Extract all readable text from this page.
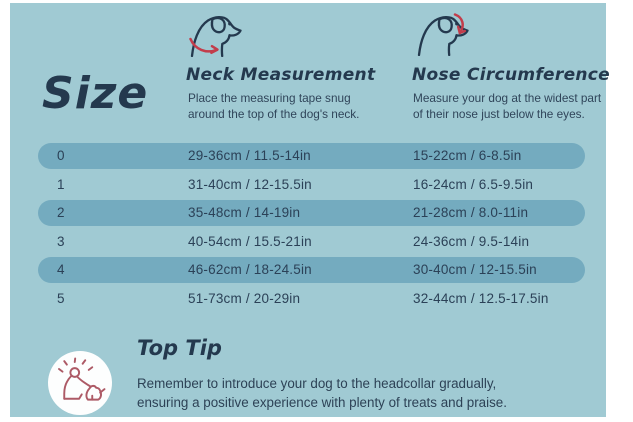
Size Neck Measurement
Place the measuring tape snug
around the top of the dog's neck.
Nose Circumference
Measure your dog at the widest part
of their nose just below the eyes.
0	29-36cm / 11.5-14in	15-22cm / 6-8.5in
1	31-40cm / 12-15.5in	16-24cm / 6.5-9.5in
2	35-48cm / 14-19in	21-28cm / 8.0-11in
3	40-54cm / 15.5-21in	24-36cm / 9.5-14in
4	46-62cm / 18-24.5in	30-40cm / 12-15.5in
5	51-73cm / 20-29in	32-44cm / 12.5-17.5in
Top Tip
Remember to introduce your dog to the headcollar gradually,
ensuring a positive experience with plenty of treats and praise.
